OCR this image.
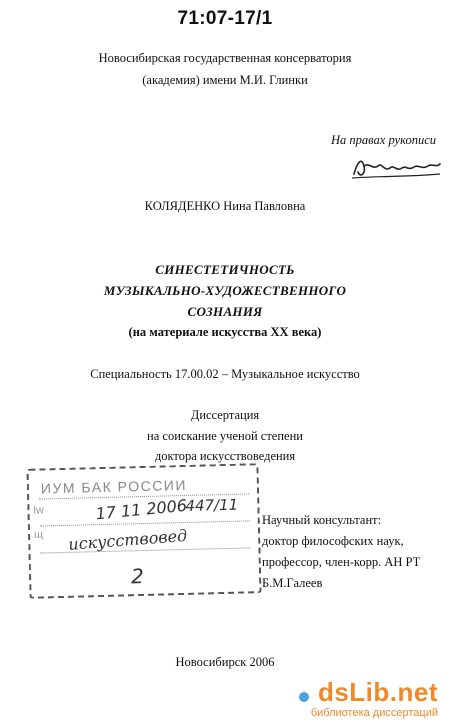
71:07-17/1
Новосибирская государственная консерватория
(академия) имени М.И. Глинки
На правах рукописи
КОЛЯДЕНКО Нина Павловна
СИНЕСТЕТИЧНОСТЬ
МУЗЫКАЛЬНО-ХУДОЖЕСТВЕННОГО
СОЗНАНИЯ
(на материале искусства XX века)
Специальность 17.00.02 – Музыкальное искусство
Диссертация
на соискание ученой степени
доктора искусствоведения
lw
щ
ИУМ БАК РОССИИ
17 11 2006
447/11
искусствовед
2
Научный консультант:
доктор философских наук,
профессор, член-корр. АН РТ
Б.М.Галеев
Новосибирск 2006
dsLib.net
библиотека диссертаций
